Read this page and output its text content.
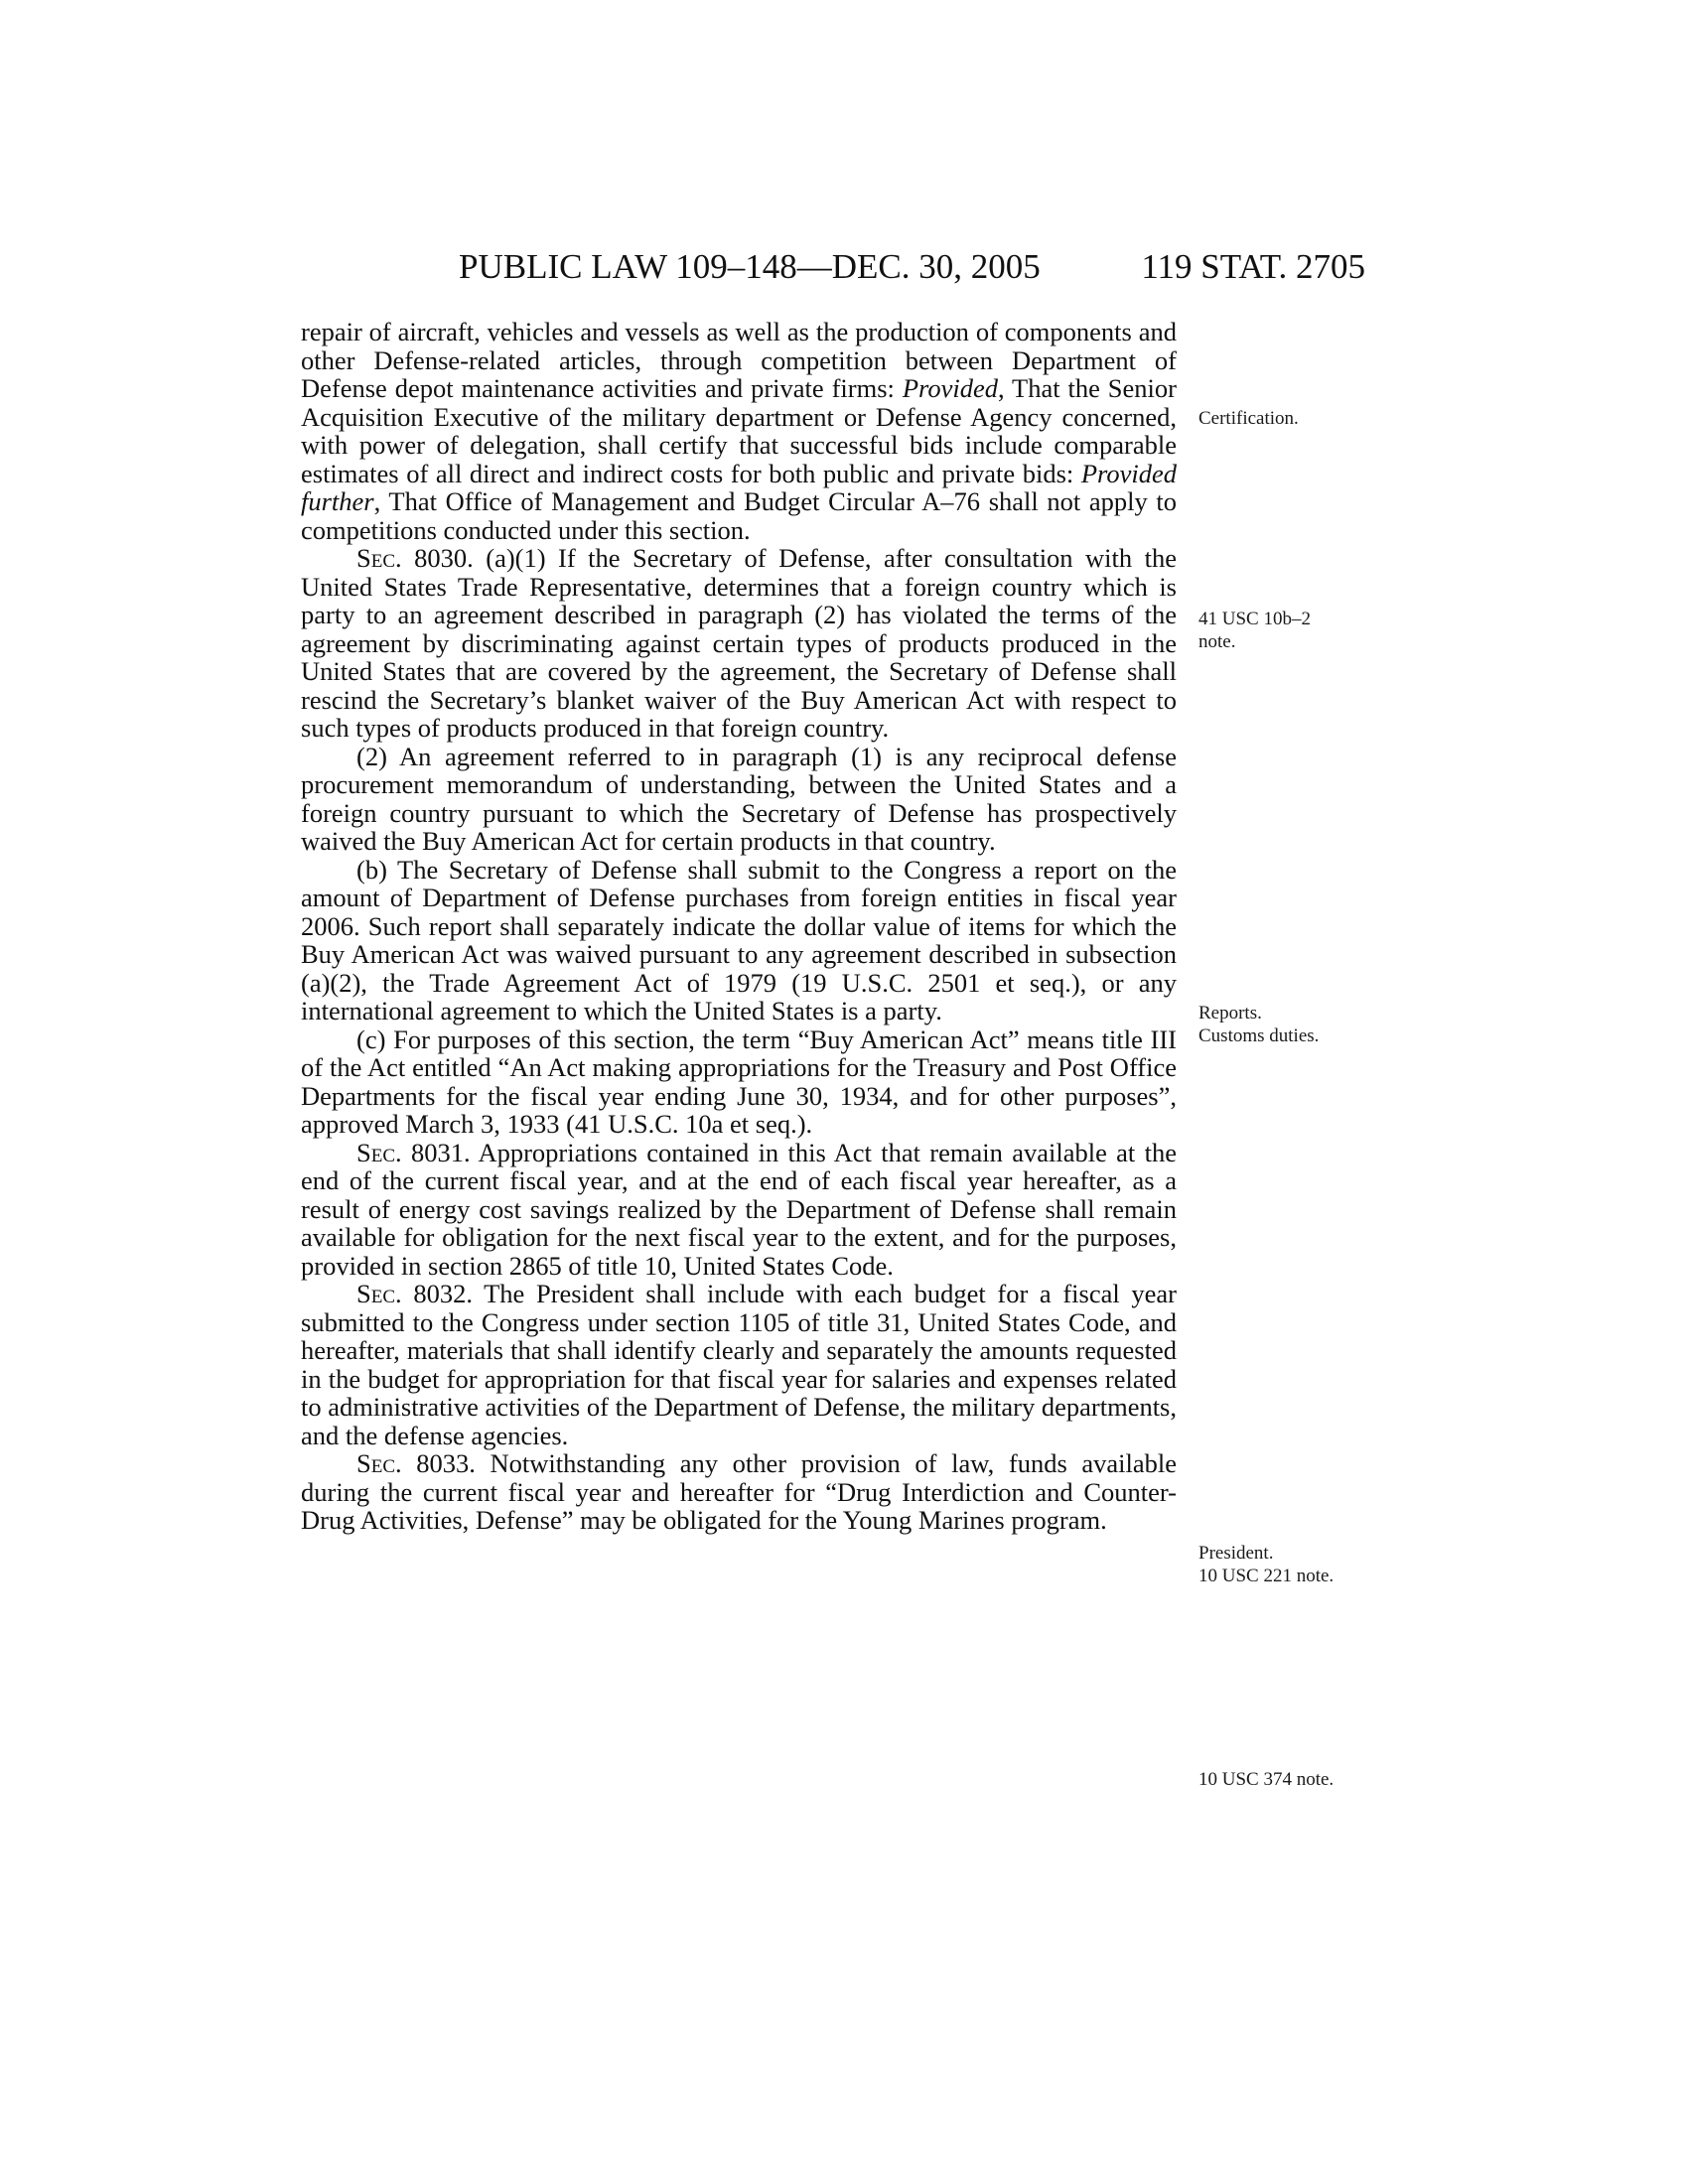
PUBLIC LAW 109–148—DEC. 30, 2005	119 STAT. 2705

repair of aircraft, vehicles and vessels as well as the production of components and other Defense-related articles, through competition between Department of Defense depot maintenance activities and private firms: Provided, That the Senior Acquisition Executive of the military department or Defense Agency concerned, with power of delegation, shall certify that successful bids include comparable estimates of all direct and indirect costs for both public and private bids: Provided further, That Office of Management and Budget Circular A–76 shall not apply to competitions conducted under this section.

Sec. 8030. (a)(1) If the Secretary of Defense, after consultation with the United States Trade Representative, determines that a foreign country which is party to an agreement described in paragraph (2) has violated the terms of the agreement by discriminating against certain types of products produced in the United States that are covered by the agreement, the Secretary of Defense shall rescind the Secretary’s blanket waiver of the Buy American Act with respect to such types of products produced in that foreign country.

(2) An agreement referred to in paragraph (1) is any reciprocal defense procurement memorandum of understanding, between the United States and a foreign country pursuant to which the Secretary of Defense has prospectively waived the Buy American Act for certain products in that country.

(b) The Secretary of Defense shall submit to the Congress a report on the amount of Department of Defense purchases from foreign entities in fiscal year 2006. Such report shall separately indicate the dollar value of items for which the Buy American Act was waived pursuant to any agreement described in subsection (a)(2), the Trade Agreement Act of 1979 (19 U.S.C. 2501 et seq.), or any international agreement to which the United States is a party.

(c) For purposes of this section, the term “Buy American Act” means title III of the Act entitled “An Act making appropriations for the Treasury and Post Office Departments for the fiscal year ending June 30, 1934, and for other purposes”, approved March 3, 1933 (41 U.S.C. 10a et seq.).

Sec. 8031. Appropriations contained in this Act that remain available at the end of the current fiscal year, and at the end of each fiscal year hereafter, as a result of energy cost savings realized by the Department of Defense shall remain available for obligation for the next fiscal year to the extent, and for the purposes, provided in section 2865 of title 10, United States Code.

Sec. 8032. The President shall include with each budget for a fiscal year submitted to the Congress under section 1105 of title 31, United States Code, and hereafter, materials that shall identify clearly and separately the amounts requested in the budget for appropriation for that fiscal year for salaries and expenses related to administrative activities of the Department of Defense, the military departments, and the defense agencies.

Sec. 8033. Notwithstanding any other provision of law, funds available during the current fiscal year and hereafter for “Drug Interdiction and Counter-Drug Activities, Defense” may be obligated for the Young Marines program.

Certification.
41 USC 10b–2
note.
Reports.
Customs duties.
President.
10 USC 221 note.
10 USC 374 note.
